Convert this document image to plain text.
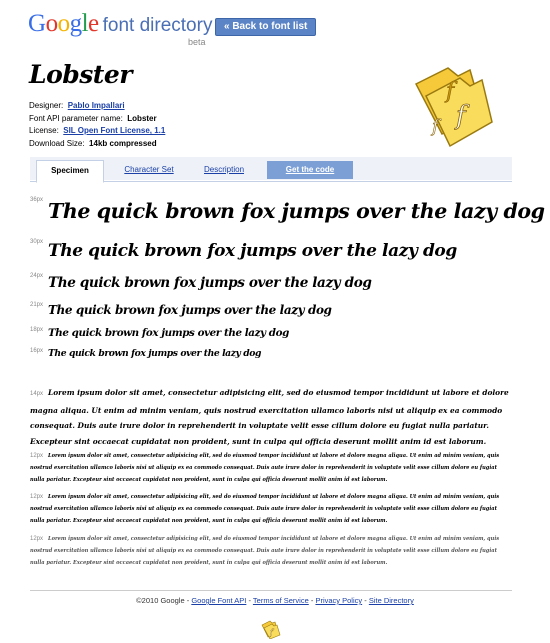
Google font directory
beta
« Back to font list
Lobster
Designer: Pablo Impallari
Font API parameter name: Lobster
License: SIL Open Font License, 1.1
Download Size: 14kb compressed
f
f
f
Specimen	Character Set	Description	Get the code
36px The quick brown fox jumps over the lazy dog
30px The quick brown fox jumps over the lazy dog
24px The quick brown fox jumps over the lazy dog
21px The quick brown fox jumps over the lazy dog
18px The quick brown fox jumps over the lazy dog
16px The quick brown fox jumps over the lazy dog
14px Lorem ipsum dolor sit amet, consectetur adipisicing elit, sed do eiusmod tempor incididunt ut labore et dolore magna aliqua. Ut enim ad minim veniam, quis nostrud exercitation ullamco laboris nisi ut aliquip ex ea commodo consequat. Duis aute irure dolor in reprehenderit in voluptate velit esse cillum dolore eu fugiat nulla pariatur. Excepteur sint occaecat cupidatat non proident, sunt in culpa qui officia deserunt mollit anim id est laborum.
12px Lorem ipsum dolor sit amet, consectetur adipisicing elit, sed do eiusmod tempor incididunt ut labore et dolore magna aliqua. Ut enim ad minim veniam, quis nostrud exercitation ullamco laboris nisi ut aliquip ex ea commodo consequat. Duis aute irure dolor in reprehenderit in voluptate velit esse cillum dolore eu fugiat nulla pariatur. Excepteur sint occaecat cupidatat non proident, sunt in culpa qui officia deserunt mollit anim id est laborum.
12px Lorem ipsum dolor sit amet, consectetur adipisicing elit, sed do eiusmod tempor incididunt ut labore et dolore magna aliqua. Ut enim ad minim veniam, quis nostrud exercitation ullamco laboris nisi ut aliquip ex ea commodo consequat. Duis aute irure dolor in reprehenderit in voluptate velit esse cillum dolore eu fugiat nulla pariatur. Excepteur sint occaecat cupidatat non proident, sunt in culpa qui officia deserunt mollit anim id est laborum.
12px Lorem ipsum dolor sit amet, consectetur adipisicing elit, sed do eiusmod tempor incididunt ut labore et dolore magna aliqua. Ut enim ad minim veniam, quis nostrud exercitation ullamco laboris nisi ut aliquip ex ea commodo consequat. Duis aute irure dolor in reprehenderit in voluptate velit esse cillum dolore eu fugiat nulla pariatur. Excepteur sint occaecat cupidatat non proident, sunt in culpa qui officia deserunt mollit anim id est laborum.
©2010 Google - Google Font API - Terms of Service - Privacy Policy - Site Directory
f
